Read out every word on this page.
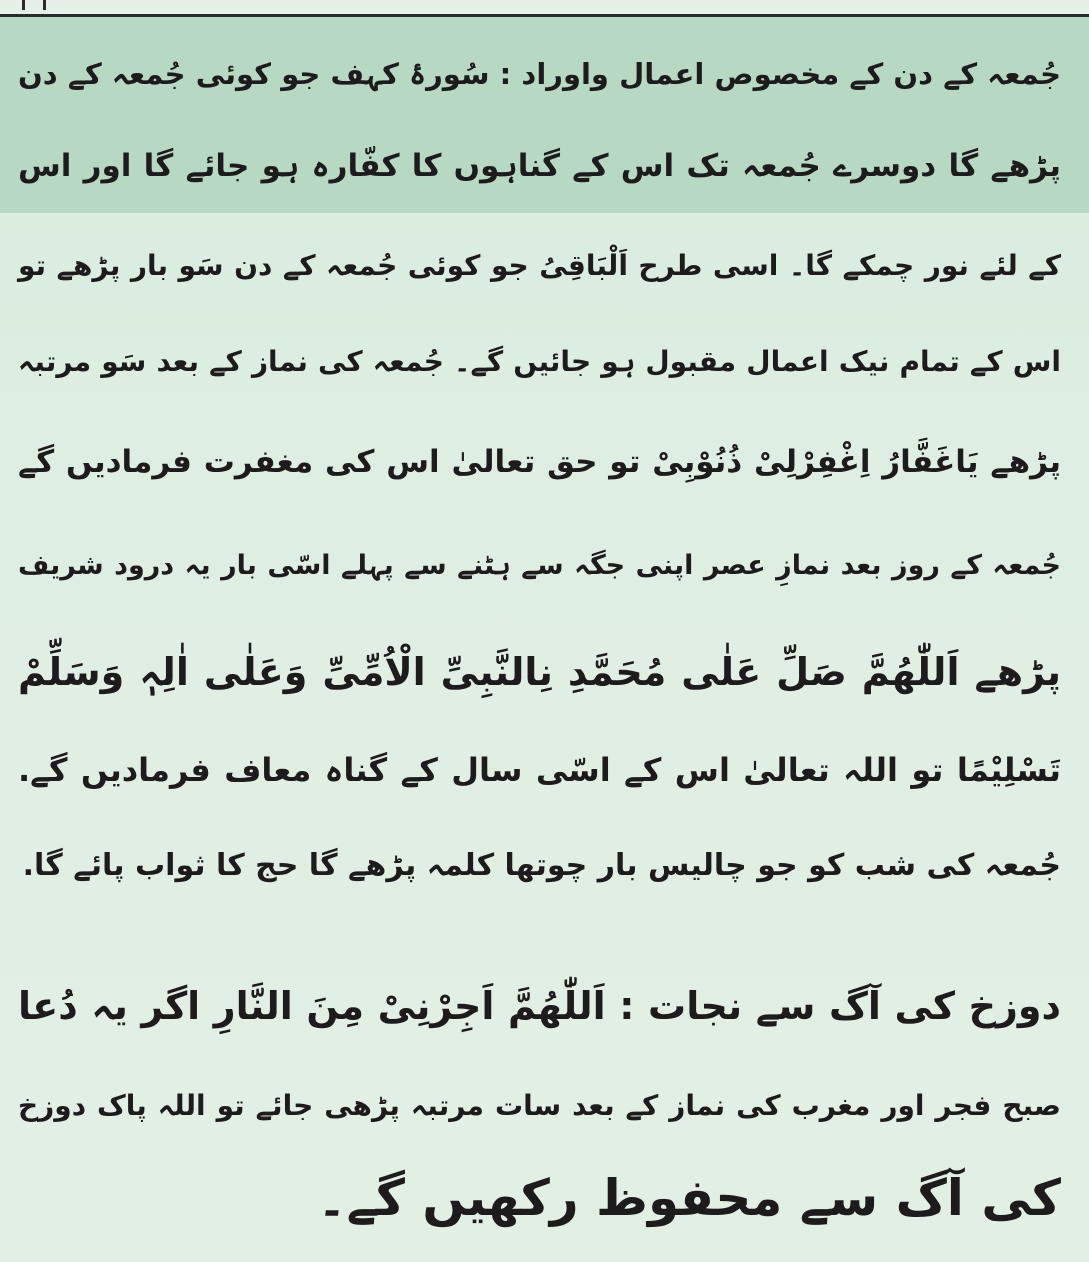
جُمعہ کے دن کے مخصوص اعمال واوراد : سُورۂ کہف جو کوئی جُمعہ کے دن
پڑھے گا دوسرے جُمعہ تک اس کے گناہوں کا کفّارہ ہو جائے گا اور اس
کے لئے نور چمکے گا۔ اسی طرح اَلْبَاقِیُ جو کوئی جُمعہ کے دن سَو بار پڑھے تو
اس کے تمام نیک اعمال مقبول ہو جائیں گے۔ جُمعہ کی نماز کے بعد سَو مرتبہ
پڑھے یَاغَفَّارُ اِغْفِرْلِیْ ذُنُوْبِیْ تو حق تعالیٰ اس کی مغفرت فرمادیں گے
جُمعہ کے روز بعد نمازِ عصر اپنی جگہ سے ہٹنے سے پہلے اسّی بار یہ درود شریف
پڑھے اَللّٰھُمَّ صَلِّ عَلٰی مُحَمَّدِ نِالنَّبِیِّ الْاُمِّیِّ وَعَلٰی اٰلِہٖ وَسَلِّمْ
تَسْلِیْمًا تو اللہ تعالیٰ اس کے اسّی سال کے گناہ معاف فرمادیں گے.
جُمعہ کی شب کو جو چالیس بار چوتھا کلمہ پڑھے گا حج کا ثواب پائے گا.
دوزخ کی آگ سے نجات : اَللّٰھُمَّ اَجِرْنِیْ مِنَ النَّارِ اگر یہ دُعا
صبح فجر اور مغرب کی نماز کے بعد سات مرتبہ پڑھی جائے تو اللہ پاک دوزخ
کی آگ سے محفوظ رکھیں گے۔
